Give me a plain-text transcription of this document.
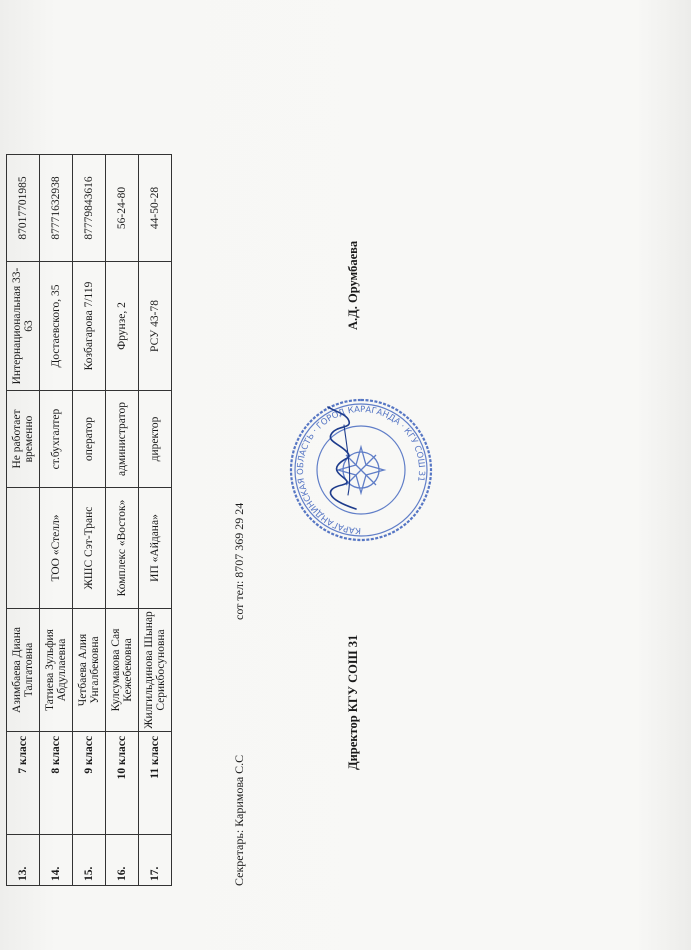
13.	7 класс	Азимбаева Диана Талгатовна		Не работает временно	Интернациональная 33-63	87017701985
14.	8 класс	Татиева Зульфия Абдуллаевна	ТОО «Стелл»	ст.бухгалтер	Достаевского, 35	87771632938
15.	9 класс	Четбаева Алия Унгалбековна	ЖШС Сэт-Транс	оператор	Козбагарова 7/119	87779843616
16.	10 класс	Кулсумакова Сая Кежебековна	Комплекс «Восток»	администратор	Фрунзе, 2	56-24-80
17.	11 класс	Жилгильдинова Шынар Серикбосуновна	ИП «Айдана»	директор	РСУ 43-78	44-50-28
Секретарь: Каримова С.С
сот тел: 8707 369 29 24
Директор КГУ СОШ 31
А.Д. Орумбаева
КАРАГАНДИНСКАЯ ОБЛАСТЬ · ГОРОД КАРАГАНДА · КГУ СОШ 31
